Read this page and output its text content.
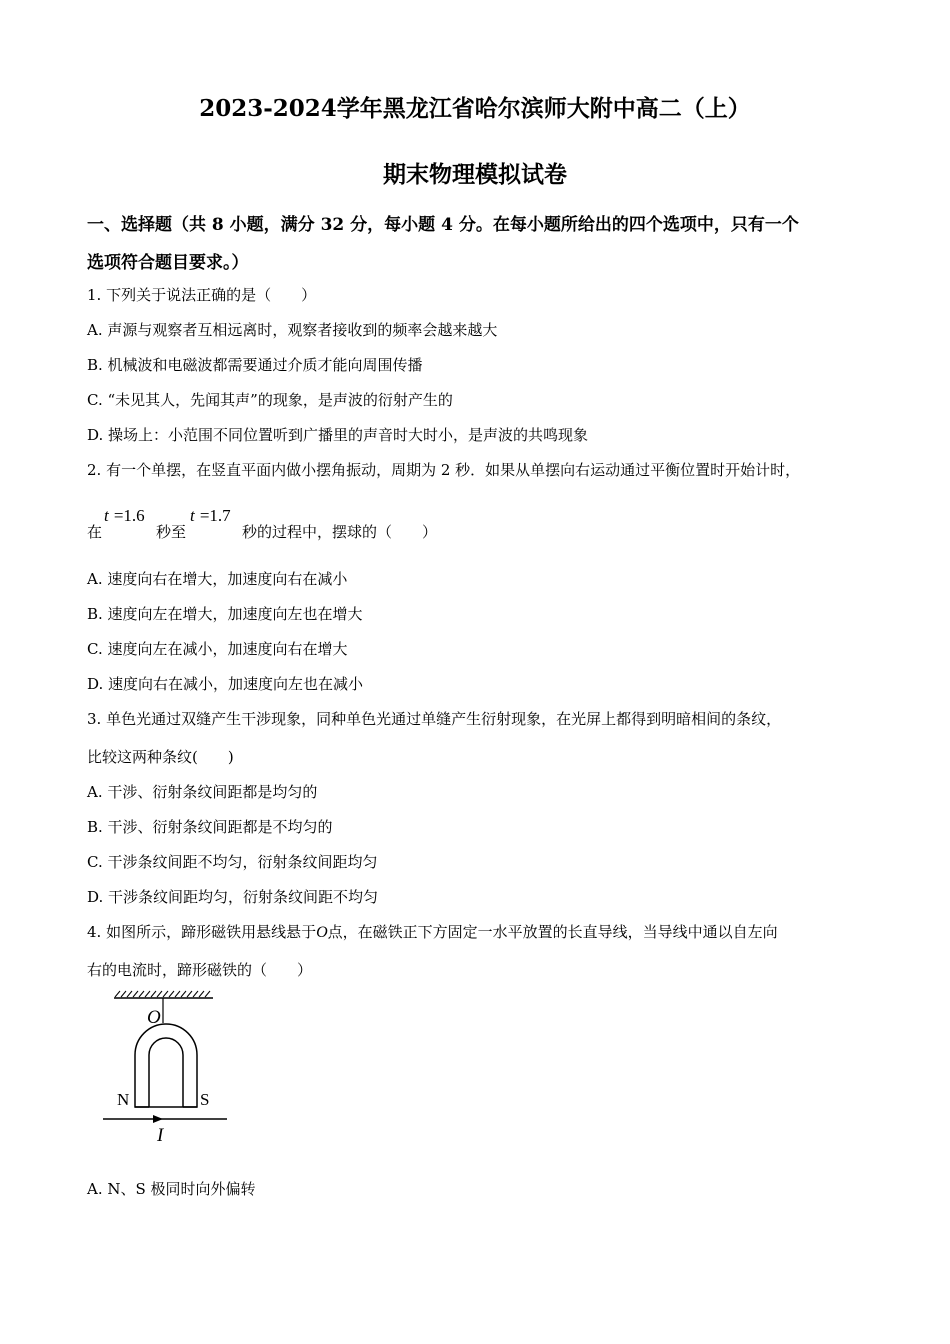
2023-2024学年黑龙江省哈尔滨师大附中高二（上）
期末物理模拟试卷
一、选择题（共 8 小题，满分 32 分，每小题 4 分。在每小题所给出的四个选项中，只有一个
选项符合题目要求。）
1. 下列关于说法正确的是（　　）
A. 声源与观察者互相远离时，观察者接收到的频率会越来越大
B. 机械波和电磁波都需要通过介质才能向周围传播
C. “未见其人，先闻其声”的现象，是声波的衍射产生的
D. 操场上：小范围不同位置听到广播里的声音时大时小，是声波的共鸣现象
2. 有一个单摆，在竖直平面内做小摆角振动，周期为 2 秒．如果从单摆向右运动通过平衡位置时开始计时，
在
t =1.6
秒至
t =1.7
秒的过程中，摆球的（　　）
A. 速度向右在增大，加速度向右在减小
B. 速度向左在增大，加速度向左也在增大
C. 速度向左在减小，加速度向右在增大
D. 速度向右在减小，加速度向左也在减小
3. 单色光通过双缝产生干涉现象，同种单色光通过单缝产生衍射现象，在光屏上都得到明暗相间的条纹，
比较这两种条纹(　　)
A. 干涉、衍射条纹间距都是均匀的
B. 干涉、衍射条纹间距都是不均匀的
C. 干涉条纹间距不均匀，衍射条纹间距均匀
D. 干涉条纹间距均匀，衍射条纹间距不均匀
4. 如图所示，蹄形磁铁用悬线悬于O点，在磁铁正下方固定一水平放置的长直导线，当导线中通以自左向
右的电流时，蹄形磁铁的（　　）
O
N	S
I
A. N、S 极同时向外偏转
